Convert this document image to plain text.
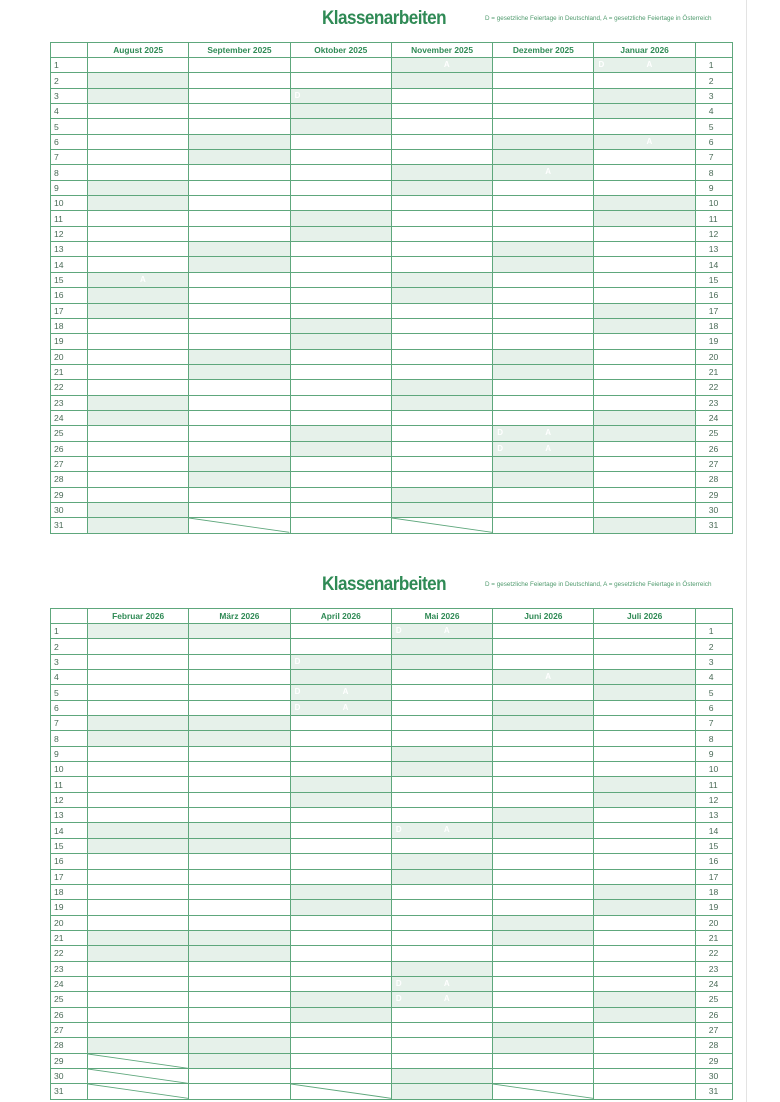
Klassenarbeiten	D = gesetzliche Feiertage in Deutschland, A = gesetzliche Feiertage in Österreich
	August 2025	September 2025	Oktober 2025	November 2025	Dezember 2025	Januar 2026	
1				A		D A	1
2							2
3			D				3
4							4
5							5
6						A	6
7							7
8					A		8
9							9
10							10
11							11
12							12
13							13
14							14
15	A						15
16							16
17							17
18							18
19							19
20							20
21							21
22							22
23							23
24							24
25					D A		25
26					D A		26
27							27
28							28
29							29
30							30
31							31
Klassenarbeiten	D = gesetzliche Feiertage in Deutschland, A = gesetzliche Feiertage in Österreich
	Februar 2026	März 2026	April 2026	Mai 2026	Juni 2026	Juli 2026	
1				D A			1
2							2
3			D				3
4					A		4
5			D A				5
6			D A				6
7							7
8							8
9							9
10							10
11							11
12							12
13							13
14				D A			14
15							15
16							16
17							17
18							18
19							19
20							20
21							21
22							22
23							23
24				D A			24
25				D A			25
26							26
27							27
28							28
29							29
30							30
31							31
